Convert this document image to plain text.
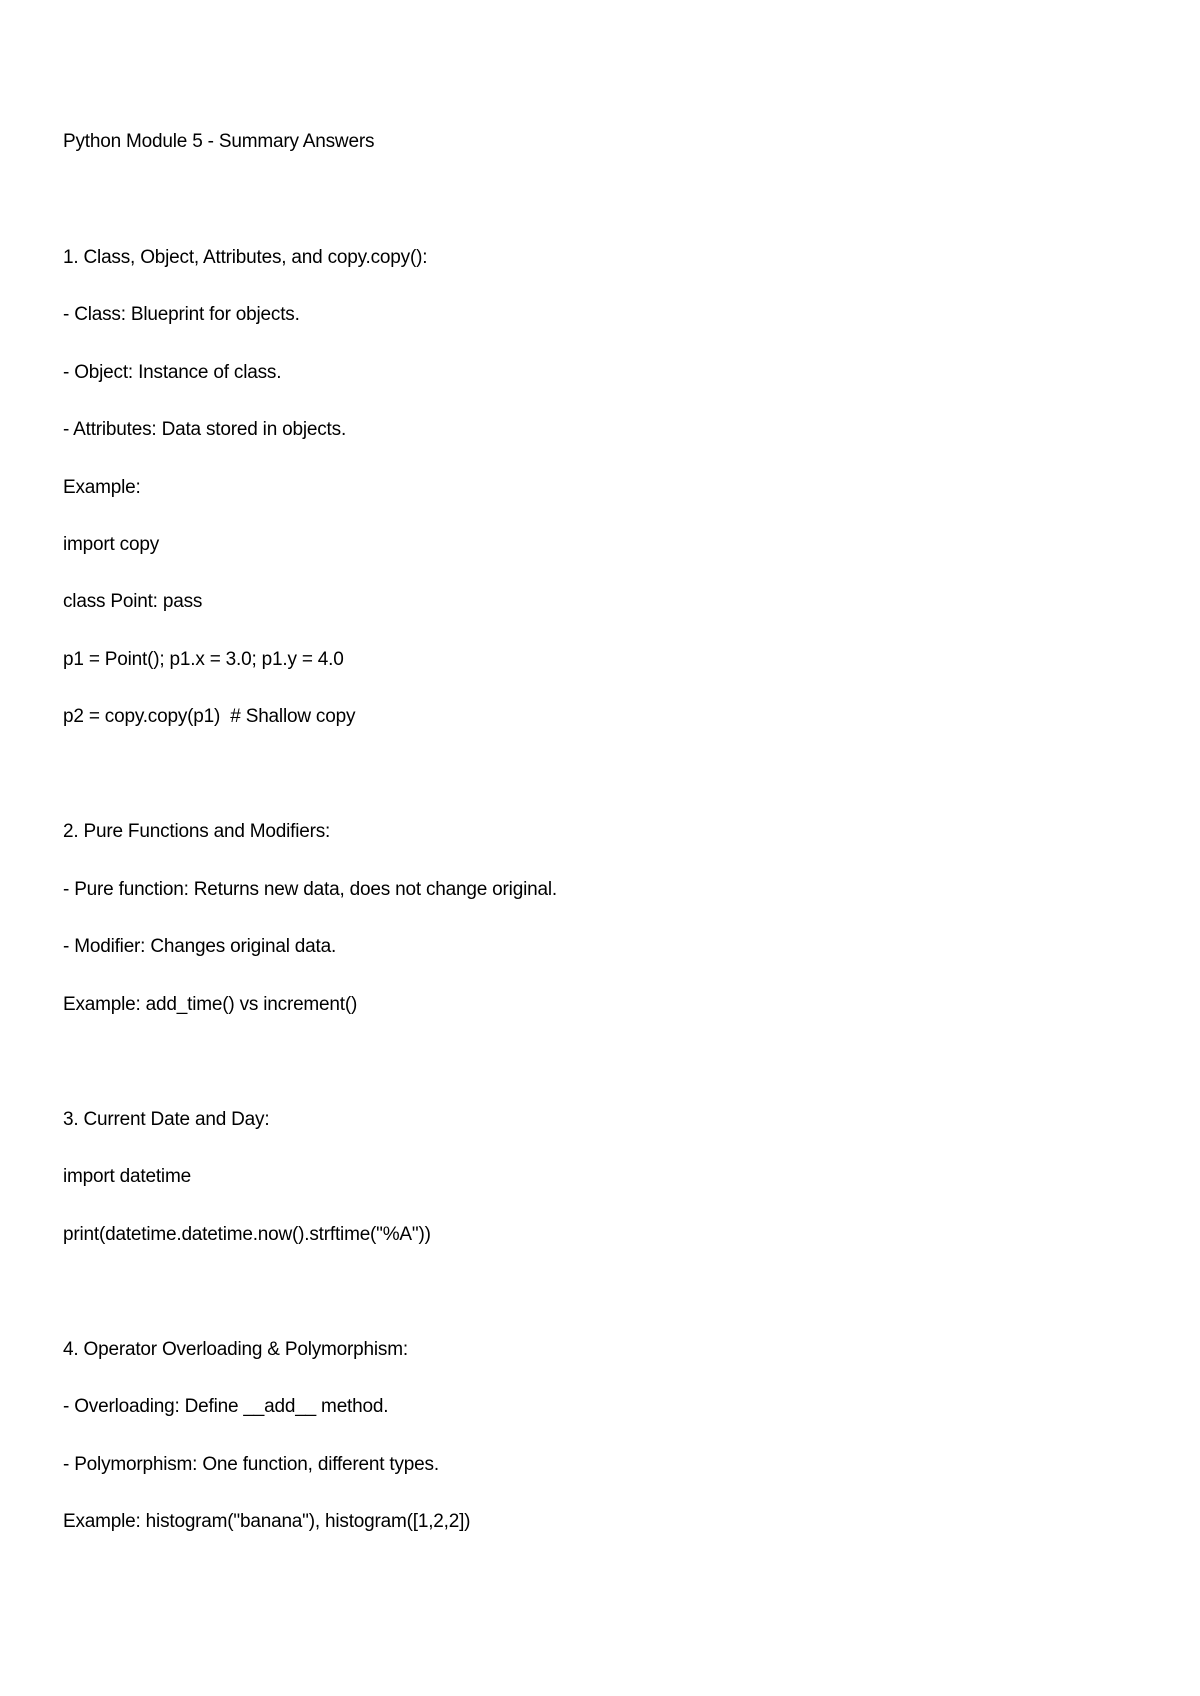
Python Module 5 - Summary Answers
1. Class, Object, Attributes, and copy.copy():
- Class: Blueprint for objects.
- Object: Instance of class.
- Attributes: Data stored in objects.
Example:
import copy
class Point: pass
p1 = Point(); p1.x = 3.0; p1.y = 4.0
p2 = copy.copy(p1)  # Shallow copy
2. Pure Functions and Modifiers:
- Pure function: Returns new data, does not change original.
- Modifier: Changes original data.
Example: add_time() vs increment()
3. Current Date and Day:
import datetime
print(datetime.datetime.now().strftime("%A"))
4. Operator Overloading & Polymorphism:
- Overloading: Define __add__ method.
- Polymorphism: One function, different types.
Example: histogram("banana"), histogram([1,2,2])
